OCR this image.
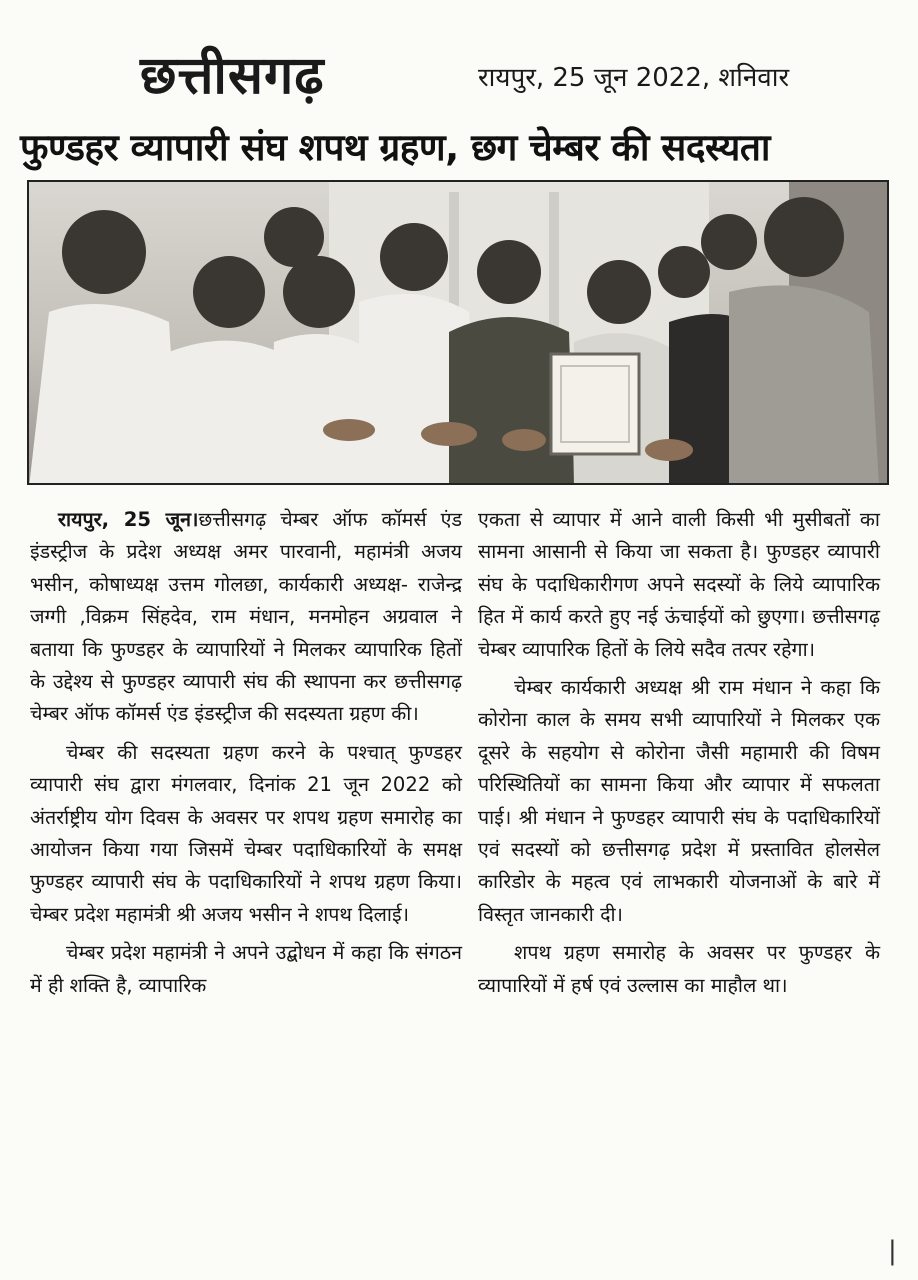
छत्तीसगढ़	रायपुर, 25 जून 2022, शनिवार
फुण्डहर व्यापारी संघ शपथ ग्रहण, छग चेम्बर की सदस्यता

रायपुर, 25 जून।छत्तीसगढ़ चेम्बर ऑफ कॉमर्स एंड इंडस्ट्रीज के प्रदेश अध्यक्ष अमर पारवानी, महामंत्री अजय भसीन, कोषाध्यक्ष उत्तम गोलछा, कार्यकारी अध्यक्ष- राजेन्द्र जग्गी ,विक्रम सिंहदेव, राम मंधान, मनमोहन अग्रवाल ने बताया कि फुण्डहर के व्यापारियों ने मिलकर व्यापारिक हितों के उद्देश्य से फुण्डहर व्यापारी संघ की स्थापना कर छत्तीसगढ़ चेम्बर ऑफ कॉमर्स एंड इंडस्ट्रीज की सदस्यता ग्रहण की।

चेम्बर की सदस्यता ग्रहण करने के पश्चात् फुण्डहर व्यापारी संघ द्वारा मंगलवार, दिनांक 21 जून 2022 को अंतर्राष्ट्रीय योग दिवस के अवसर पर शपथ ग्रहण समारोह का आयोजन किया गया जिसमें चेम्बर पदाधिकारियों के समक्ष फुण्डहर व्यापारी संघ के पदाधिकारियों ने शपथ ग्रहण किया। चेम्बर प्रदेश महामंत्री श्री अजय भसीन ने शपथ दिलाई।

चेम्बर प्रदेश महामंत्री ने अपने उद्बोधन में कहा कि संगठन में ही शक्ति है, व्यापारिक

एकता से व्यापार में आने वाली किसी भी मुसीबतों का सामना आसानी से किया जा सकता है। फुण्डहर व्यापारी संघ के पदाधिकारीगण अपने सदस्यों के लिये व्यापारिक हित में कार्य करते हुए नई ऊंचाईयों को छुएगा। छत्तीसगढ़ चेम्बर व्यापारिक हितों के लिये सदैव तत्पर रहेगा।

चेम्बर कार्यकारी अध्यक्ष श्री राम मंधान ने कहा कि कोरोना काल के समय सभी व्यापारियों ने मिलकर एक दूसरे के सहयोग से कोरोना जैसी महामारी की विषम परिस्थितियों का सामना किया और व्यापार में सफलता पाई। श्री मंधान ने फुण्डहर व्यापारी संघ के पदाधिकारियों एवं सदस्यों को छत्तीसगढ़ प्रदेश में प्रस्तावित होलसेल कारिडोर के महत्व एवं लाभकारी योजनाओं के बारे में विस्तृत जानकारी दी।

शपथ ग्रहण समारोह के अवसर पर फुण्डहर के व्यापारियों में हर्ष एवं उल्लास का माहौल था।

|
